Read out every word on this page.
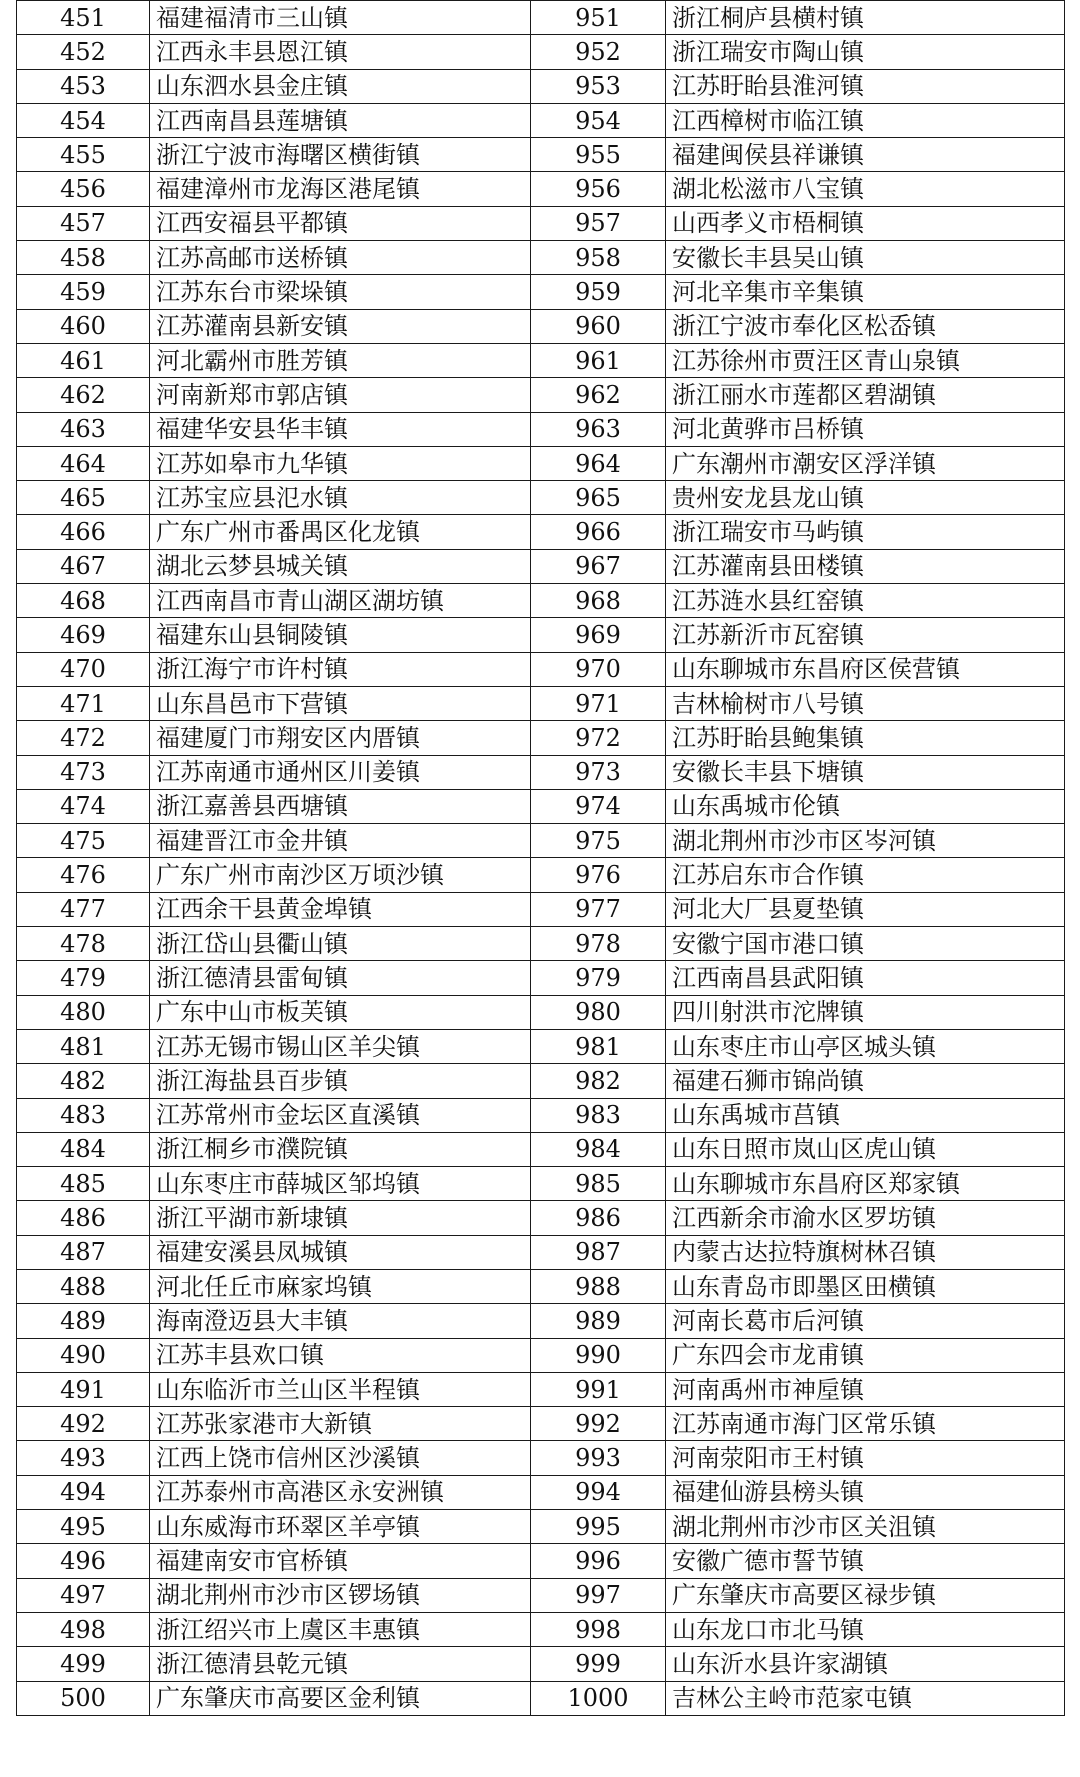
451	福建福清市三山镇	951	浙江桐庐县横村镇
452	江西永丰县恩江镇	952	浙江瑞安市陶山镇
453	山东泗水县金庄镇	953	江苏盱眙县淮河镇
454	江西南昌县莲塘镇	954	江西樟树市临江镇
455	浙江宁波市海曙区横街镇	955	福建闽侯县祥谦镇
456	福建漳州市龙海区港尾镇	956	湖北松滋市八宝镇
457	江西安福县平都镇	957	山西孝义市梧桐镇
458	江苏高邮市送桥镇	958	安徽长丰县吴山镇
459	江苏东台市梁垛镇	959	河北辛集市辛集镇
460	江苏灌南县新安镇	960	浙江宁波市奉化区松岙镇
461	河北霸州市胜芳镇	961	江苏徐州市贾汪区青山泉镇
462	河南新郑市郭店镇	962	浙江丽水市莲都区碧湖镇
463	福建华安县华丰镇	963	河北黄骅市吕桥镇
464	江苏如皋市九华镇	964	广东潮州市潮安区浮洋镇
465	江苏宝应县氾水镇	965	贵州安龙县龙山镇
466	广东广州市番禺区化龙镇	966	浙江瑞安市马屿镇
467	湖北云梦县城关镇	967	江苏灌南县田楼镇
468	江西南昌市青山湖区湖坊镇	968	江苏涟水县红窑镇
469	福建东山县铜陵镇	969	江苏新沂市瓦窑镇
470	浙江海宁市许村镇	970	山东聊城市东昌府区侯营镇
471	山东昌邑市下营镇	971	吉林榆树市八号镇
472	福建厦门市翔安区内厝镇	972	江苏盱眙县鲍集镇
473	江苏南通市通州区川姜镇	973	安徽长丰县下塘镇
474	浙江嘉善县西塘镇	974	山东禹城市伦镇
475	福建晋江市金井镇	975	湖北荆州市沙市区岑河镇
476	广东广州市南沙区万顷沙镇	976	江苏启东市合作镇
477	江西余干县黄金埠镇	977	河北大厂县夏垫镇
478	浙江岱山县衢山镇	978	安徽宁国市港口镇
479	浙江德清县雷甸镇	979	江西南昌县武阳镇
480	广东中山市板芙镇	980	四川射洪市沱牌镇
481	江苏无锡市锡山区羊尖镇	981	山东枣庄市山亭区城头镇
482	浙江海盐县百步镇	982	福建石狮市锦尚镇
483	江苏常州市金坛区直溪镇	983	山东禹城市莒镇
484	浙江桐乡市濮院镇	984	山东日照市岚山区虎山镇
485	山东枣庄市薛城区邹坞镇	985	山东聊城市东昌府区郑家镇
486	浙江平湖市新埭镇	986	江西新余市渝水区罗坊镇
487	福建安溪县凤城镇	987	内蒙古达拉特旗树林召镇
488	河北任丘市麻家坞镇	988	山东青岛市即墨区田横镇
489	海南澄迈县大丰镇	989	河南长葛市后河镇
490	江苏丰县欢口镇	990	广东四会市龙甫镇
491	山东临沂市兰山区半程镇	991	河南禹州市神垕镇
492	江苏张家港市大新镇	992	江苏南通市海门区常乐镇
493	江西上饶市信州区沙溪镇	993	河南荥阳市王村镇
494	江苏泰州市高港区永安洲镇	994	福建仙游县榜头镇
495	山东威海市环翠区羊亭镇	995	湖北荆州市沙市区关沮镇
496	福建南安市官桥镇	996	安徽广德市誓节镇
497	湖北荆州市沙市区锣场镇	997	广东肇庆市高要区禄步镇
498	浙江绍兴市上虞区丰惠镇	998	山东龙口市北马镇
499	浙江德清县乾元镇	999	山东沂水县许家湖镇
500	广东肇庆市高要区金利镇	1000	吉林公主岭市范家屯镇
